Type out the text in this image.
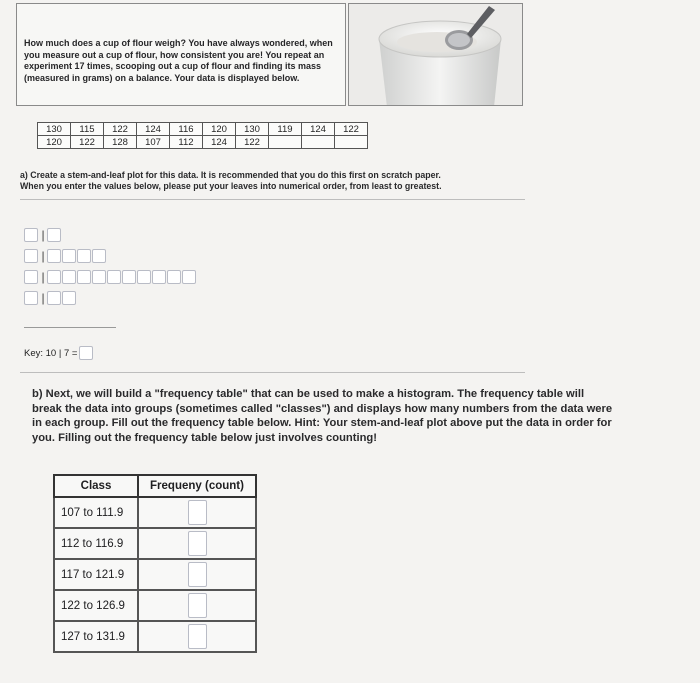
How much does a cup of flour weigh? You have always wondered, when you measure out a cup of flour, how consistent you are! You repeat an experiment 17 times, scooping out a cup of flour and finding its mass (measured in grams) on a balance. Your data is displayed below.
130	115	122	124	116	120	130	119	124	122
120	122	128	107	112	124	122			
a) Create a stem-and-leaf plot for this data. It is recommended that you do this first on scratch paper.
When you enter the values below, please put your leaves into numerical order, from least to greatest.
|
|
|
|
Key: 10 | 7 =
b) Next, we will build a "frequency table" that can be used to make a histogram. The frequency table will break the data into groups (sometimes called "classes") and displays how many numbers from the data were in each group. Fill out the frequency table below. Hint: Your stem-and-leaf plot above put the data in order for you. Filling out the frequency table below just involves counting!
Class	Frequeny (count)
107 to 111.9	
112 to 116.9	
117 to 121.9	
122 to 126.9	
127 to 131.9	
